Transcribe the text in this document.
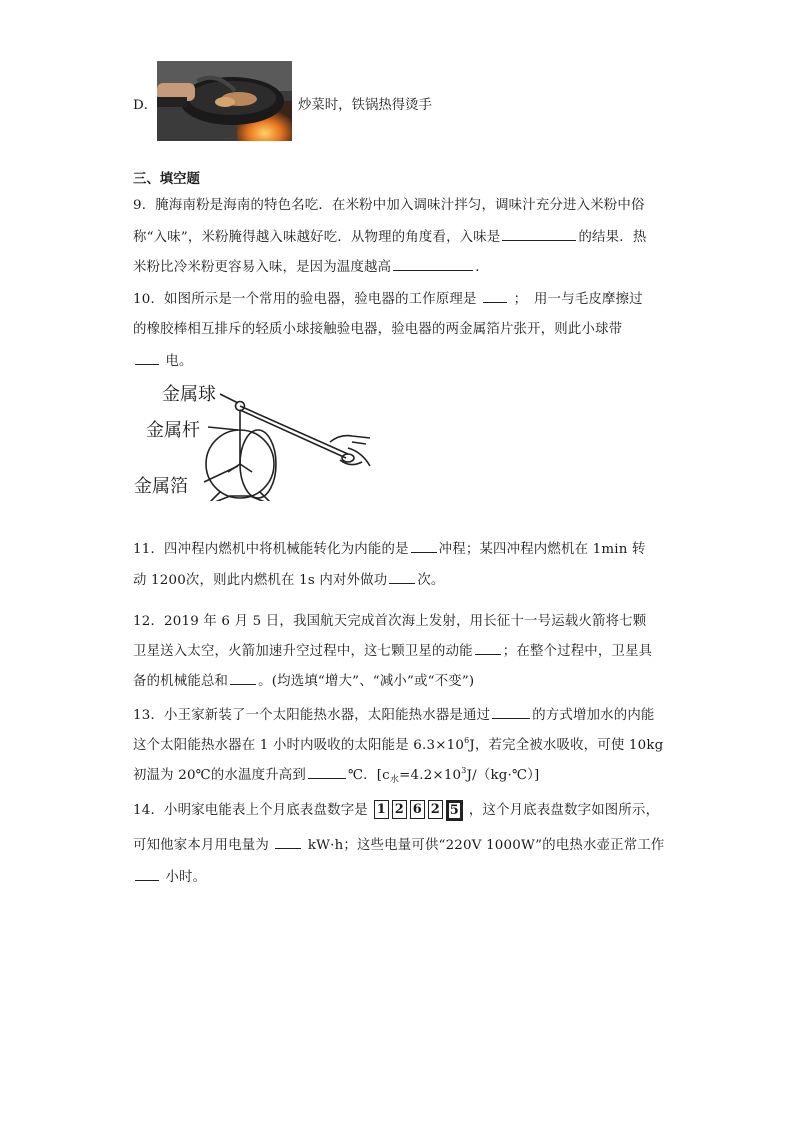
D．	炒菜时，铁锅热得烫手
三、填空题
9．腌海南粉是海南的特色名吃．在米粉中加入调味汁拌匀，调味汁充分进入米粉中俗
称“入味”，米粉腌得越入味越好吃．从物理的角度看，入味是	的结果．热
米粉比冷米粉更容易入味，是因为温度越高	．
10．如图所示是一个常用的验电器，验电器的工作原理是	；　用一与毛皮摩擦过
的橡胶棒相互排斥的轻质小球接触验电器，验电器的两金属箔片张开，则此小球带
电。
金属球
金属杆
金属箔
11．四冲程内燃机中将机械能转化为内能的是 冲程；某四冲程内燃机在 1min 转
动 1200次，则此内燃机在 1s 内对外做功 次。
12．2019 年 6 月 5 日，我国航天完成首次海上发射，用长征十一号运载火箭将七颗
卫星送入太空，火箭加速升空过程中，这七颗卫星的动能 ；在整个过程中，卫星具
备的机械能总和 。(均选填“增大”、“减小”或“不变”)
13．小王家新装了一个太阳能热水器，太阳能热水器是通过	的方式增加水的内能
这个太阳能热水器在 1 小时内吸收的太阳能是 $6.3\times 10^6J$，若完全被水吸收，可使 10kg
初温为 20℃的水温度升高到	℃．$[c_水=4.2\times 10^3J/(kg\cdot℃)]$
14．小明家电能表上个月底表盘数字是 1 2 6 2 5 ，这个月底表盘数字如图所示，
可知他家本月用电量为	kW·h；这些电量可供“220V 1000W”的电热水壶正常工作
小时。
